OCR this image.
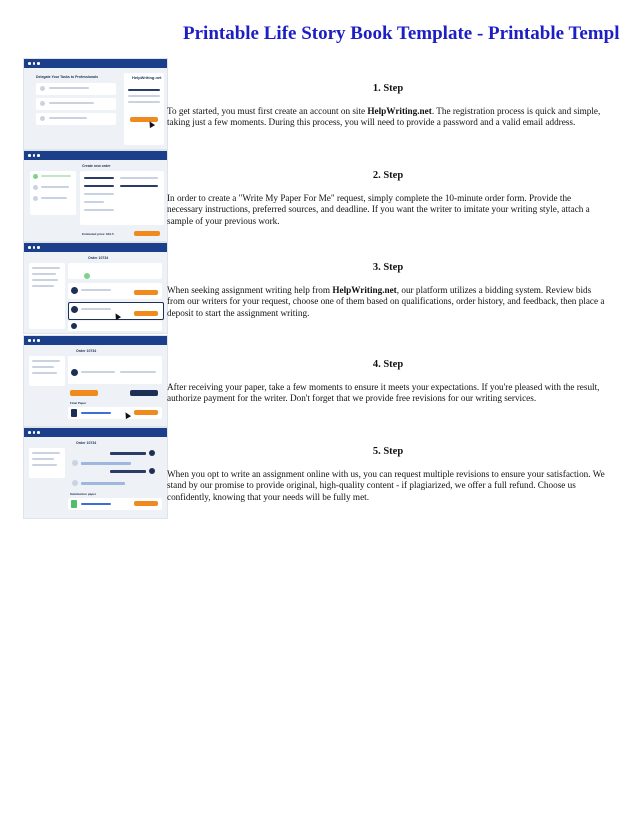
Printable Life Story Book Template - Printable Templ
Delegate Your Tasks to Professionals	HelpWriting.net

1. Step

To get started, you must first create an account on site HelpWriting.net. The registration process is quick and simple, taking just a few moments. During this process, you will need to provide a password and a valid email address.

Create new order
Estimated price: $10.5

2. Step

In order to create a "Write My Paper For Me" request, simply complete the 10-minute order form. Provide the necessary instructions, preferred sources, and deadline. If you want the writer to imitate your writing style, attach a sample of your previous work.

Order 10734

3. Step

When seeking assignment writing help from HelpWriting.net, our platform utilizes a bidding system. Review bids from our writers for your request, choose one of them based on qualifications, order history, and feedback, then place a deposit to start the assignment writing.

Order 10734
Final Paper

4. Step

After receiving your paper, take a few moments to ensure it meets your expectations. If you're pleased with the result, authorize payment for the writer. Don't forget that we provide free revisions for our writing services.

Order 10734
Satisfaction paper

5. Step

When you opt to write an assignment online with us, you can request multiple revisions to ensure your satisfaction. We stand by our promise to provide original, high-quality content - if plagiarized, we offer a full refund. Choose us confidently, knowing that your needs will be fully met.
